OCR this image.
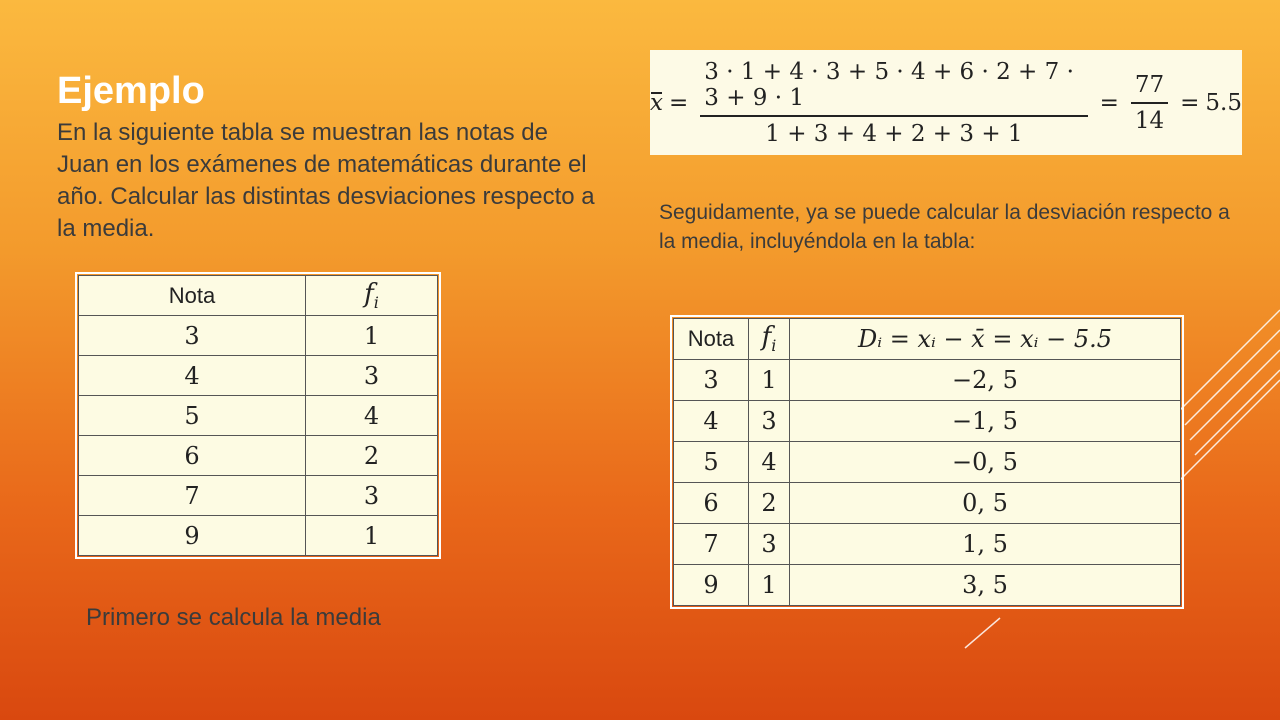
Ejemplo
En la siguiente tabla se muestran las notas de Juan en los exámenes de matemáticas durante el año. Calcular las distintas desviaciones respecto a la media.
$x = \frac{3 \cdot 1 + 4 \cdot 3 + 5 \cdot 4 + 6 \cdot 2 + 7 \cdot 3 + 9 \cdot 1}{1 + 3 + 4 + 2 + 3 + 1} = \frac{77}{14} = 5.5$
Seguidamente, ya se puede calcular la desviación respecto a la media, incluyéndola en la tabla:
Nota	$f_i$
3	1
4	3
5	4
6	2
7	3
9	1
Primero se calcula la media
Nota	$f_i$	Dᵢ = xᵢ − x̄ = xᵢ − 5.5
3	1	−2, 5
4	3	−1, 5
5	4	−0, 5
6	2	0, 5
7	3	1, 5
9	1	3, 5
